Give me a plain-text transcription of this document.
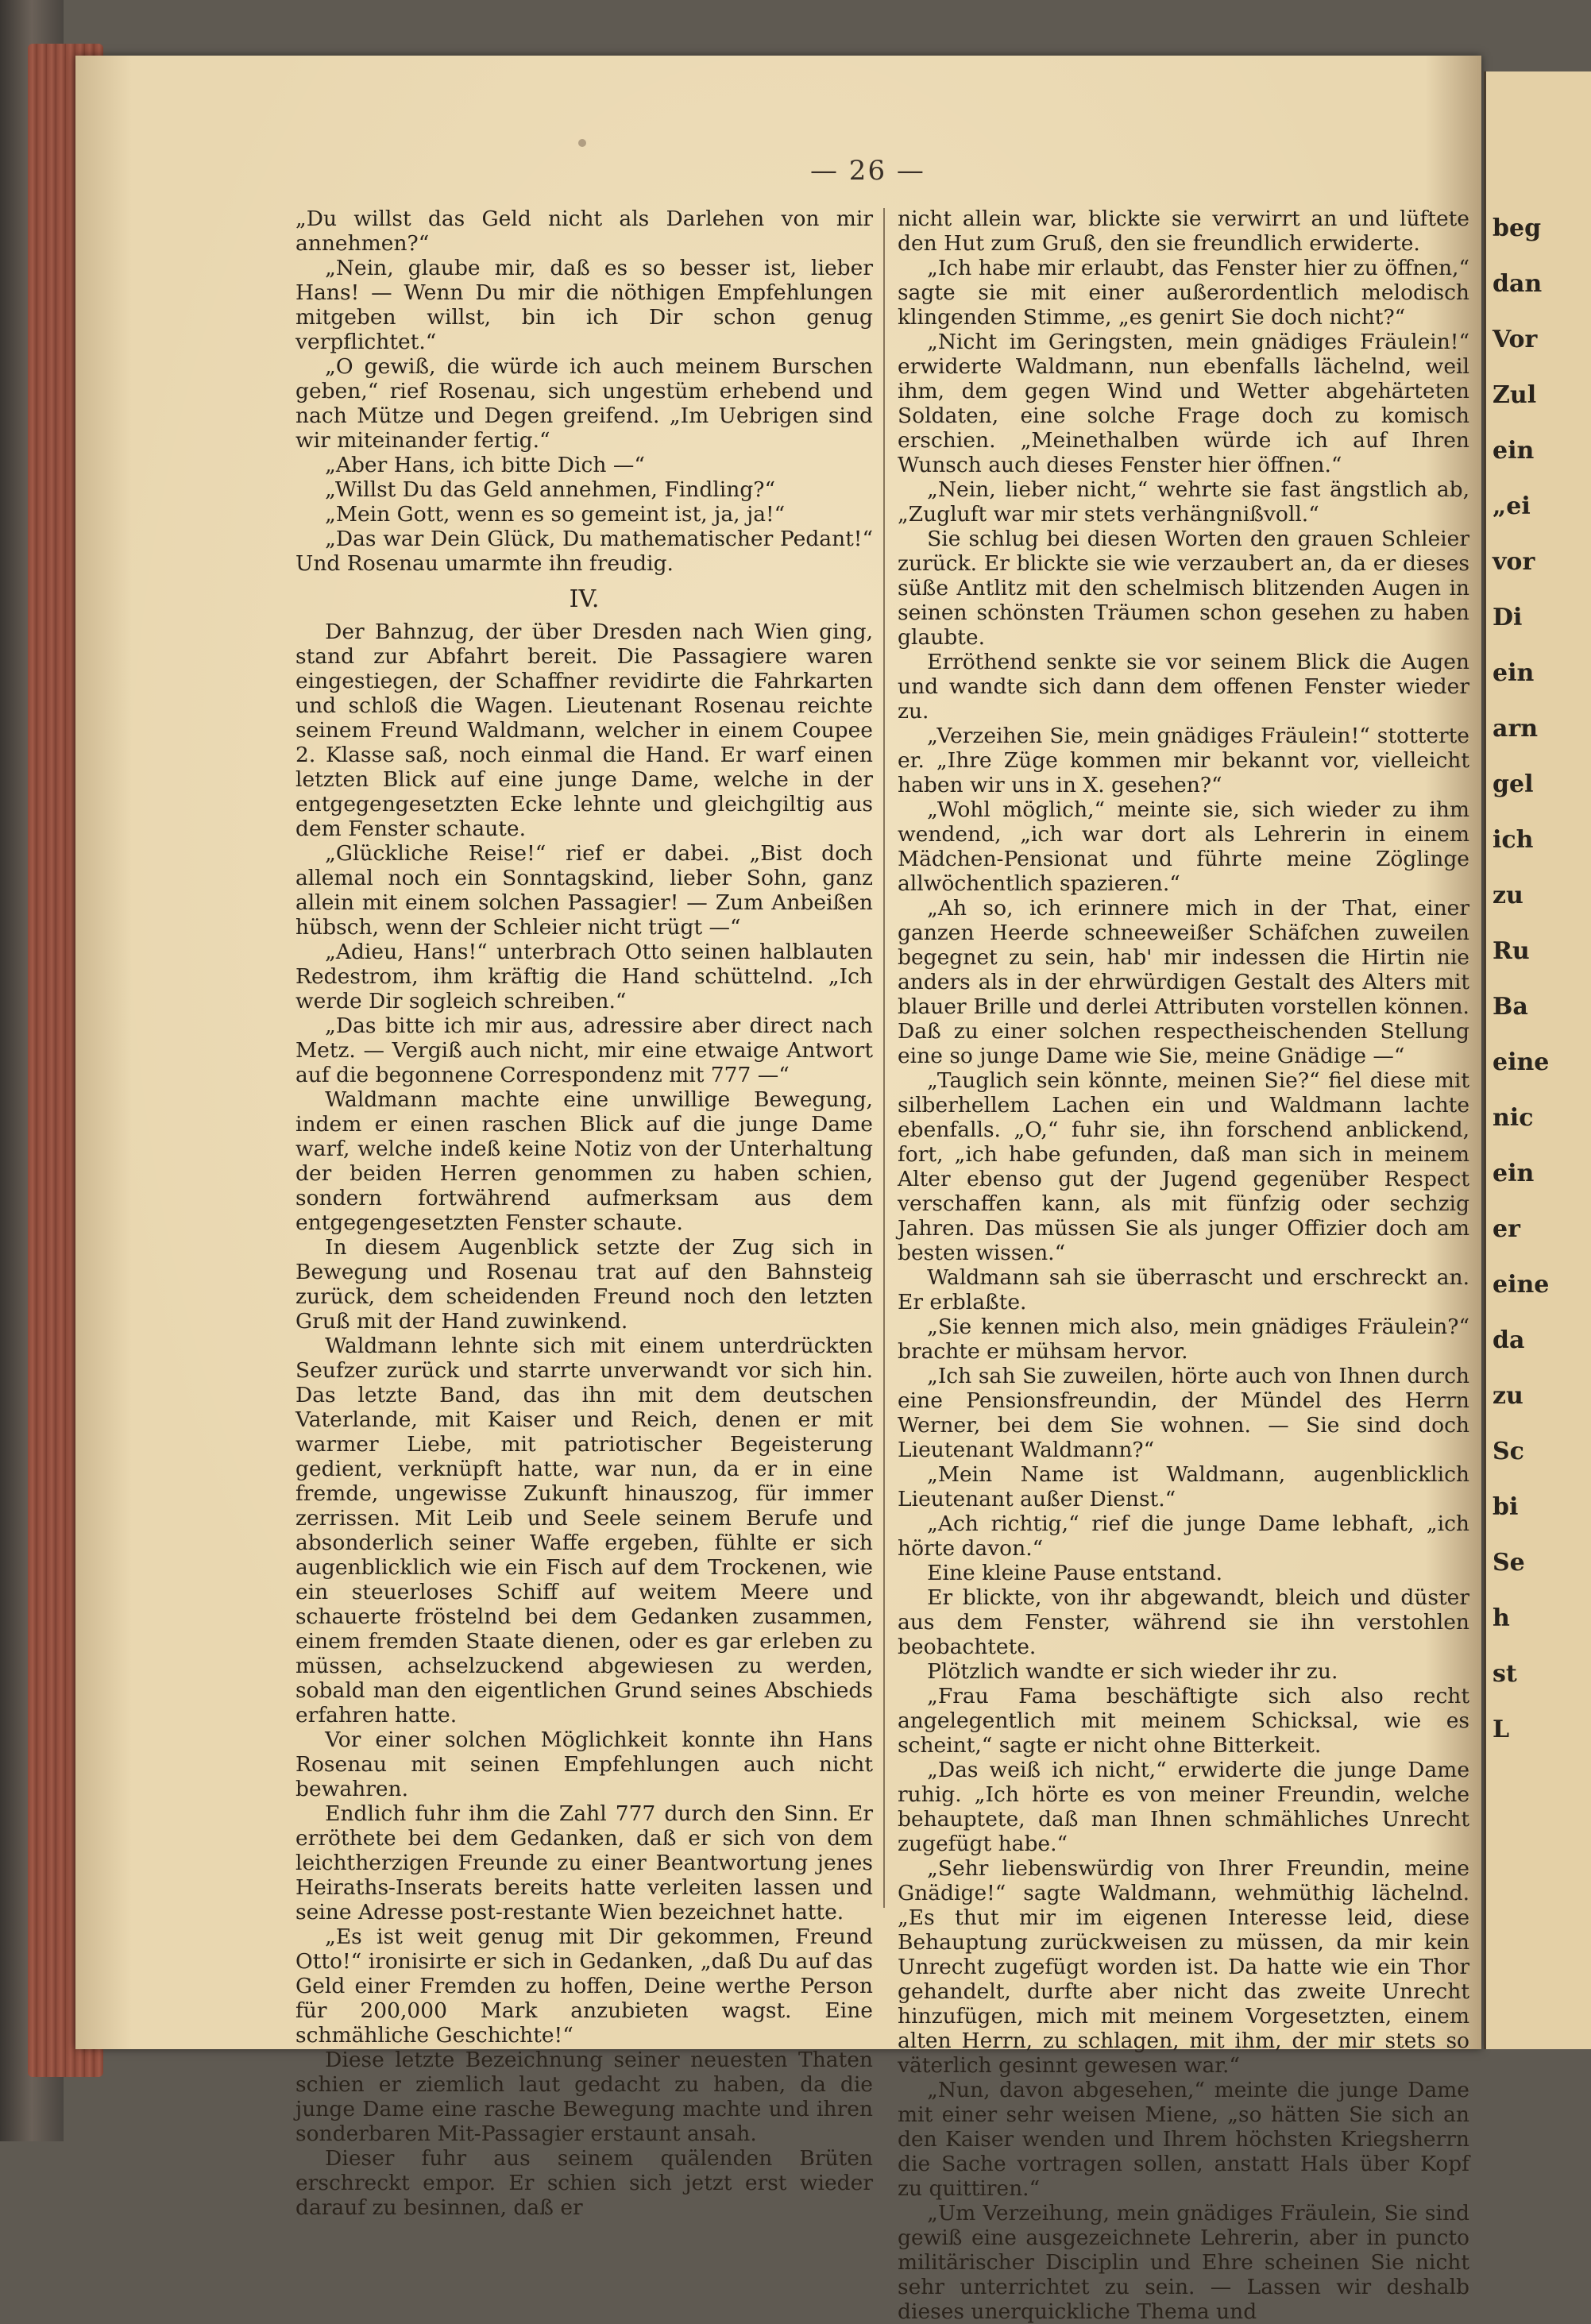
— 26 —

„Du willst das Geld nicht als Darlehen von mir annehmen?“

„Nein, glaube mir, daß es so besser ist, lieber Hans! — Wenn Du mir die nöthigen Empfehlungen mitgeben willst, bin ich Dir schon genug verpflichtet.“

„O gewiß, die würde ich auch meinem Burschen geben,“ rief Rosenau, sich ungestüm erhebend und nach Mütze und Degen greifend. „Im Uebrigen sind wir miteinander fertig.“

„Aber Hans, ich bitte Dich —“

„Willst Du das Geld annehmen, Findling?“

„Mein Gott, wenn es so gemeint ist, ja, ja!“

„Das war Dein Glück, Du mathematischer Pedant!“ Und Rosenau umarmte ihn freudig.

IV.

Der Bahnzug, der über Dresden nach Wien ging, stand zur Abfahrt bereit. Die Passagiere waren eingestiegen, der Schaffner revidirte die Fahrkarten und schloß die Wagen. Lieutenant Rosenau reichte seinem Freund Waldmann, welcher in einem Coupee 2. Klasse saß, noch einmal die Hand. Er warf einen letzten Blick auf eine junge Dame, welche in der entgegengesetzten Ecke lehnte und gleichgiltig aus dem Fenster schaute.

„Glückliche Reise!“ rief er dabei. „Bist doch allemal noch ein Sonntagskind, lieber Sohn, ganz allein mit einem solchen Passagier! — Zum Anbeißen hübsch, wenn der Schleier nicht trügt —“

„Adieu, Hans!“ unterbrach Otto seinen halblauten Redestrom, ihm kräftig die Hand schüttelnd. „Ich werde Dir sogleich schreiben.“

„Das bitte ich mir aus, adressire aber direct nach Metz. — Vergiß auch nicht, mir eine etwaige Antwort auf die begonnene Correspondenz mit 777 —“

Waldmann machte eine unwillige Bewegung, indem er einen raschen Blick auf die junge Dame warf, welche indeß keine Notiz von der Unterhaltung der beiden Herren genommen zu haben schien, sondern fortwährend aufmerksam aus dem entgegengesetzten Fenster schaute.

In diesem Augenblick setzte der Zug sich in Bewegung und Rosenau trat auf den Bahnsteig zurück, dem scheidenden Freund noch den letzten Gruß mit der Hand zuwinkend.

Waldmann lehnte sich mit einem unterdrückten Seufzer zurück und starrte unverwandt vor sich hin. Das letzte Band, das ihn mit dem deutschen Vaterlande, mit Kaiser und Reich, denen er mit warmer Liebe, mit patriotischer Begeisterung gedient, verknüpft hatte, war nun, da er in eine fremde, ungewisse Zukunft hinauszog, für immer zerrissen. Mit Leib und Seele seinem Berufe und absonderlich seiner Waffe ergeben, fühlte er sich augenblicklich wie ein Fisch auf dem Trockenen, wie ein steuerloses Schiff auf weitem Meere und schauerte fröstelnd bei dem Gedanken zusammen, einem fremden Staate dienen, oder es gar erleben zu müssen, achselzuckend abgewiesen zu werden, sobald man den eigentlichen Grund seines Abschieds erfahren hatte.

Vor einer solchen Möglichkeit konnte ihn Hans Rosenau mit seinen Empfehlungen auch nicht bewahren.

Endlich fuhr ihm die Zahl 777 durch den Sinn. Er erröthete bei dem Gedanken, daß er sich von dem leichtherzigen Freunde zu einer Beantwortung jenes Heiraths-Inserats bereits hatte verleiten lassen und seine Adresse post-restante Wien bezeichnet hatte.

„Es ist weit genug mit Dir gekommen, Freund Otto!“ ironisirte er sich in Gedanken, „daß Du auf das Geld einer Fremden zu hoffen, Deine werthe Person für 200,000 Mark anzubieten wagst. Eine schmähliche Geschichte!“

Diese letzte Bezeichnung seiner neuesten Thaten schien er ziemlich laut gedacht zu haben, da die junge Dame eine rasche Bewegung machte und ihren sonderbaren Mit-Passagier erstaunt ansah.

Dieser fuhr aus seinem quälenden Brüten erschreckt empor. Er schien sich jetzt erst wieder darauf zu besinnen, daß er

nicht allein war, blickte sie verwirrt an und lüftete den Hut zum Gruß, den sie freundlich erwiderte.

„Ich habe mir erlaubt, das Fenster hier zu öffnen,“ sagte sie mit einer außerordentlich melodisch klingenden Stimme, „es genirt Sie doch nicht?“

„Nicht im Geringsten, mein gnädiges Fräulein!“ erwiderte Waldmann, nun ebenfalls lächelnd, weil ihm, dem gegen Wind und Wetter abgehärteten Soldaten, eine solche Frage doch zu komisch erschien. „Meinethalben würde ich auf Ihren Wunsch auch dieses Fenster hier öffnen.“

„Nein, lieber nicht,“ wehrte sie fast ängstlich ab, „Zugluft war mir stets verhängnißvoll.“

Sie schlug bei diesen Worten den grauen Schleier zurück. Er blickte sie wie verzaubert an, da er dieses süße Antlitz mit den schelmisch blitzenden Augen in seinen schönsten Träumen schon gesehen zu haben glaubte.

Erröthend senkte sie vor seinem Blick die Augen und wandte sich dann dem offenen Fenster wieder zu.

„Verzeihen Sie, mein gnädiges Fräulein!“ stotterte er. „Ihre Züge kommen mir bekannt vor, vielleicht haben wir uns in X. gesehen?“

„Wohl möglich,“ meinte sie, sich wieder zu ihm wendend, „ich war dort als Lehrerin in einem Mädchen-Pensionat und führte meine Zöglinge allwöchentlich spazieren.“

„Ah so, ich erinnere mich in der That, einer ganzen Heerde schneeweißer Schäfchen zuweilen begegnet zu sein, hab' mir indessen die Hirtin nie anders als in der ehrwürdigen Gestalt des Alters mit blauer Brille und derlei Attributen vorstellen können. Daß zu einer solchen respectheischenden Stellung eine so junge Dame wie Sie, meine Gnädige —“

„Tauglich sein könnte, meinen Sie?“ fiel diese mit silberhellem Lachen ein und Waldmann lachte ebenfalls. „O,“ fuhr sie, ihn forschend anblickend, fort, „ich habe gefunden, daß man sich in meinem Alter ebenso gut der Jugend gegenüber Respect verschaffen kann, als mit fünfzig oder sechzig Jahren. Das müssen Sie als junger Offizier doch am besten wissen.“

Waldmann sah sie überrascht und erschreckt an. Er erblaßte.

„Sie kennen mich also, mein gnädiges Fräulein?“ brachte er mühsam hervor.

„Ich sah Sie zuweilen, hörte auch von Ihnen durch eine Pensionsfreundin, der Mündel des Herrn Werner, bei dem Sie wohnen. — Sie sind doch Lieutenant Waldmann?“

„Mein Name ist Waldmann, augenblicklich Lieutenant außer Dienst.“

„Ach richtig,“ rief die junge Dame lebhaft, „ich hörte davon.“

Eine kleine Pause entstand.

Er blickte, von ihr abgewandt, bleich und düster aus dem Fenster, während sie ihn verstohlen beobachtete.

Plötzlich wandte er sich wieder ihr zu.

„Frau Fama beschäftigte sich also recht angelegentlich mit meinem Schicksal, wie es scheint,“ sagte er nicht ohne Bitterkeit.

„Das weiß ich nicht,“ erwiderte die junge Dame ruhig. „Ich hörte es von meiner Freundin, welche behauptete, daß man Ihnen schmähliches Unrecht zugefügt habe.“

„Sehr liebenswürdig von Ihrer Freundin, meine Gnädige!“ sagte Waldmann, wehmüthig lächelnd. „Es thut mir im eigenen Interesse leid, diese Behauptung zurückweisen zu müssen, da mir kein Unrecht zugefügt worden ist. Da hatte wie ein Thor gehandelt, durfte aber nicht das zweite Unrecht hinzufügen, mich mit meinem Vorgesetzten, einem alten Herrn, zu schlagen, mit ihm, der mir stets so väterlich gesinnt gewesen war.“

„Nun, davon abgesehen,“ meinte die junge Dame mit einer sehr weisen Miene, „so hätten Sie sich an den Kaiser wenden und Ihrem höchsten Kriegsherrn die Sache vortragen sollen, anstatt Hals über Kopf zu quittiren.“

„Um Verzeihung, mein gnädiges Fräulein, Sie sind gewiß eine ausgezeichnete Lehrerin, aber in puncto militärischer Disciplin und Ehre scheinen Sie nicht sehr unterrichtet zu sein. — Lassen wir deshalb dieses unerquickliche Thema und

beg
dan
Vor
Zul
ein
„ei
vor
Di
ein
arn
gel
ich
zu
Ru
Ba
eine
nic
ein
er
eine
da
zu
Sc
bi
Se
h
st
L
